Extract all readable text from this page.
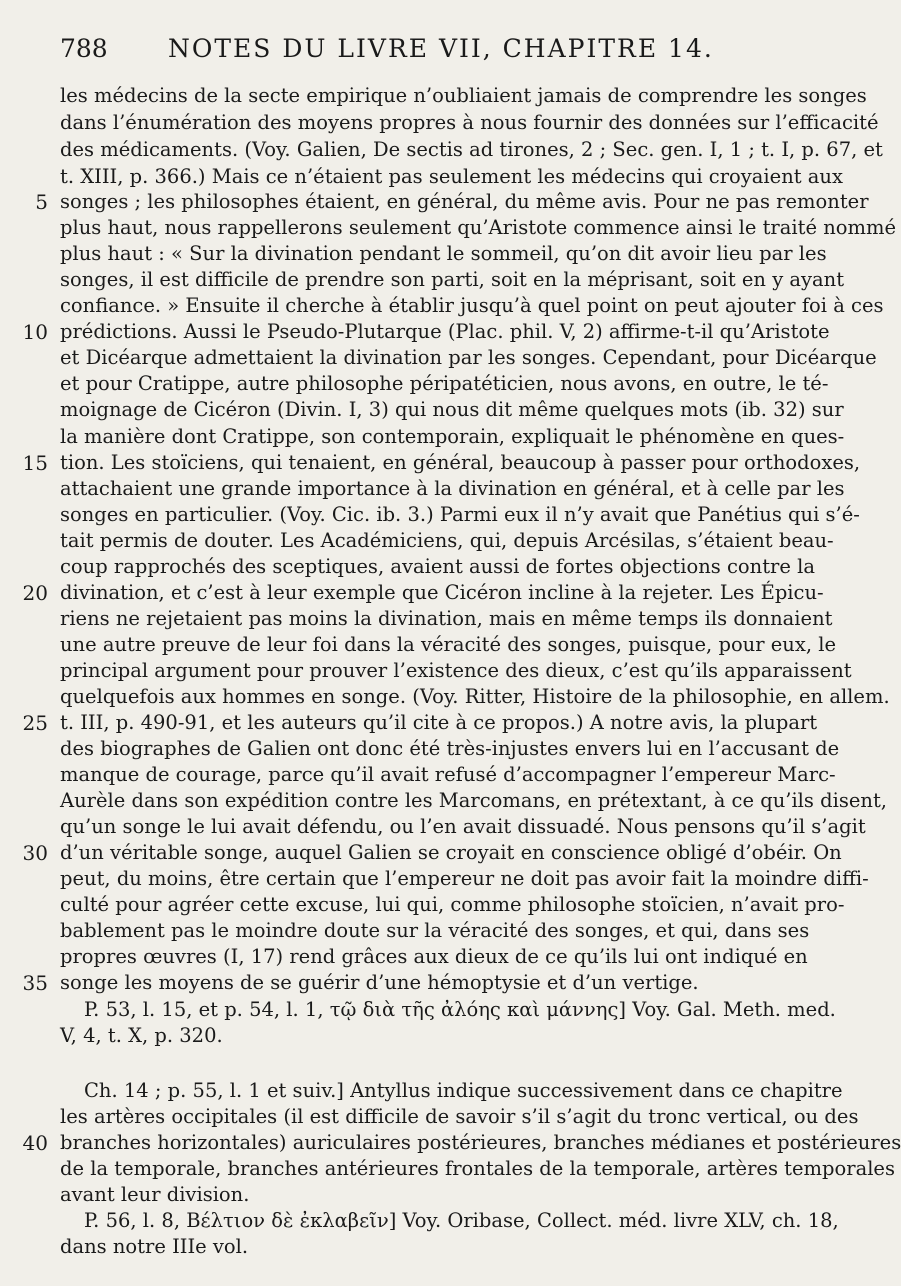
788 NOTES DU LIVRE VII, CHAPITRE 14.
les médecins de la secte empirique n’oubliaient jamais de comprendre les songes
dans l’énumération des moyens propres à nous fournir des données sur l’efficacité
des médicaments. (Voy. Galien, De sectis ad tirones, 2 ; Sec. gen. I, 1 ; t. I, p. 67, et
t. XIII, p. 366.) Mais ce n’étaient pas seulement les médecins qui croyaient aux
songes ; les philosophes étaient, en général, du même avis. Pour ne pas remonter
plus haut, nous rappellerons seulement qu’Aristote commence ainsi le traité nommé
plus haut : « Sur la divination pendant le sommeil, qu’on dit avoir lieu par les
songes, il est difficile de prendre son parti, soit en la méprisant, soit en y ayant
confiance. » Ensuite il cherche à établir jusqu’à quel point on peut ajouter foi à ces
prédictions. Aussi le Pseudo-Plutarque (Plac. phil. V, 2) affirme-t-il qu’Aristote
et Dicéarque admettaient la divination par les songes. Cependant, pour Dicéarque
et pour Cratippe, autre philosophe péripatéticien, nous avons, en outre, le té-
moignage de Cicéron (Divin. I, 3) qui nous dit même quelques mots (ib. 32) sur
la manière dont Cratippe, son contemporain, expliquait le phénomène en ques-
tion. Les stoïciens, qui tenaient, en général, beaucoup à passer pour orthodoxes,
attachaient une grande importance à la divination en général, et à celle par les
songes en particulier. (Voy. Cic. ib. 3.) Parmi eux il n’y avait que Panétius qui s’é-
tait permis de douter. Les Académiciens, qui, depuis Arcésilas, s’étaient beau-
coup rapprochés des sceptiques, avaient aussi de fortes objections contre la
divination, et c’est à leur exemple que Cicéron incline à la rejeter. Les Épicu-
riens ne rejetaient pas moins la divination, mais en même temps ils donnaient
une autre preuve de leur foi dans la véracité des songes, puisque, pour eux, le
principal argument pour prouver l’existence des dieux, c’est qu’ils apparaissent
quelquefois aux hommes en songe. (Voy. Ritter, Histoire de la philosophie, en allem.
t. III, p. 490-91, et les auteurs qu’il cite à ce propos.) A notre avis, la plupart
des biographes de Galien ont donc été très-injustes envers lui en l’accusant de
manque de courage, parce qu’il avait refusé d’accompagner l’empereur Marc-
Aurèle dans son expédition contre les Marcomans, en prétextant, à ce qu’ils disent,
qu’un songe le lui avait défendu, ou l’en avait dissuadé. Nous pensons qu’il s’agit
d’un véritable songe, auquel Galien se croyait en conscience obligé d’obéir. On
peut, du moins, être certain que l’empereur ne doit pas avoir fait la moindre diffi-
culté pour agréer cette excuse, lui qui, comme philosophe stoïcien, n’avait pro-
bablement pas le moindre doute sur la véracité des songes, et qui, dans ses
propres œuvres (I, 17) rend grâces aux dieux de ce qu’ils lui ont indiqué en
songe les moyens de se guérir d’une hémoptysie et d’un vertige.
P. 53, l. 15, et p. 54, l. 1, τῷ διὰ τῆς ἀλόης καὶ μάννης] Voy. Gal. Meth. med.
V, 4, t. X, p. 320.
Ch. 14 ; p. 55, l. 1 et suiv.] Antyllus indique successivement dans ce chapitre
les artères occipitales (il est difficile de savoir s’il s’agit du tronc vertical, ou des
branches horizontales) auriculaires postérieures, branches médianes et postérieures
de la temporale, branches antérieures frontales de la temporale, artères temporales
avant leur division.
P. 56, l. 8, Βέλτιον δὲ ἐκλαβεῖν] Voy. Oribase, Collect. méd. livre XLV, ch. 18,
dans notre IIIe vol.
5
10
15
20
25
30
35
40
